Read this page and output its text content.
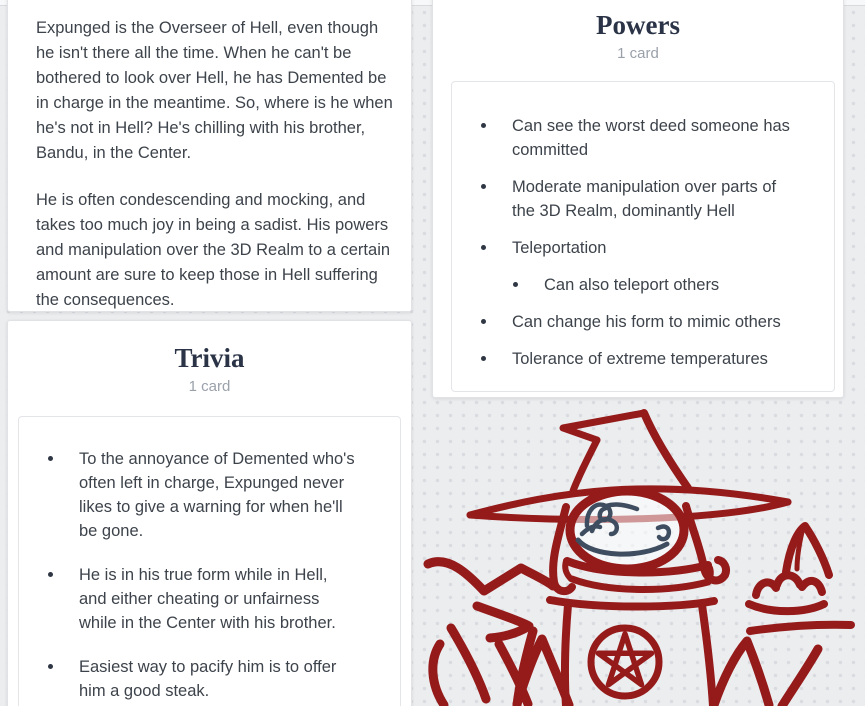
Expunged is the Overseer of Hell, even though he isn't there all the time. When he can't be bothered to look over Hell, he has Demented be in charge in the meantime. So, where is he when he's not in Hell? He's chilling with his brother, Bandu, in the Center.

He is often condescending and mocking, and takes too much joy in being a sadist. His powers and manipulation over the 3D Realm to a certain amount are sure to keep those in Hell suffering the consequences.

Trivia

1 card

To the annoyance of Demented who's often left in charge, Expunged never likes to give a warning for when he'll be gone.
He is in his true form while in Hell, and either cheating or unfairness while in the Center with his brother.
Easiest way to pacify him is to offer him a good steak.
Powers

1 card

Can see the worst deed someone has committed
Moderate manipulation over parts of the 3D Realm, dominantly Hell
Teleportation
Can also teleport others
Can change his form to mimic others
Tolerance of extreme temperatures
